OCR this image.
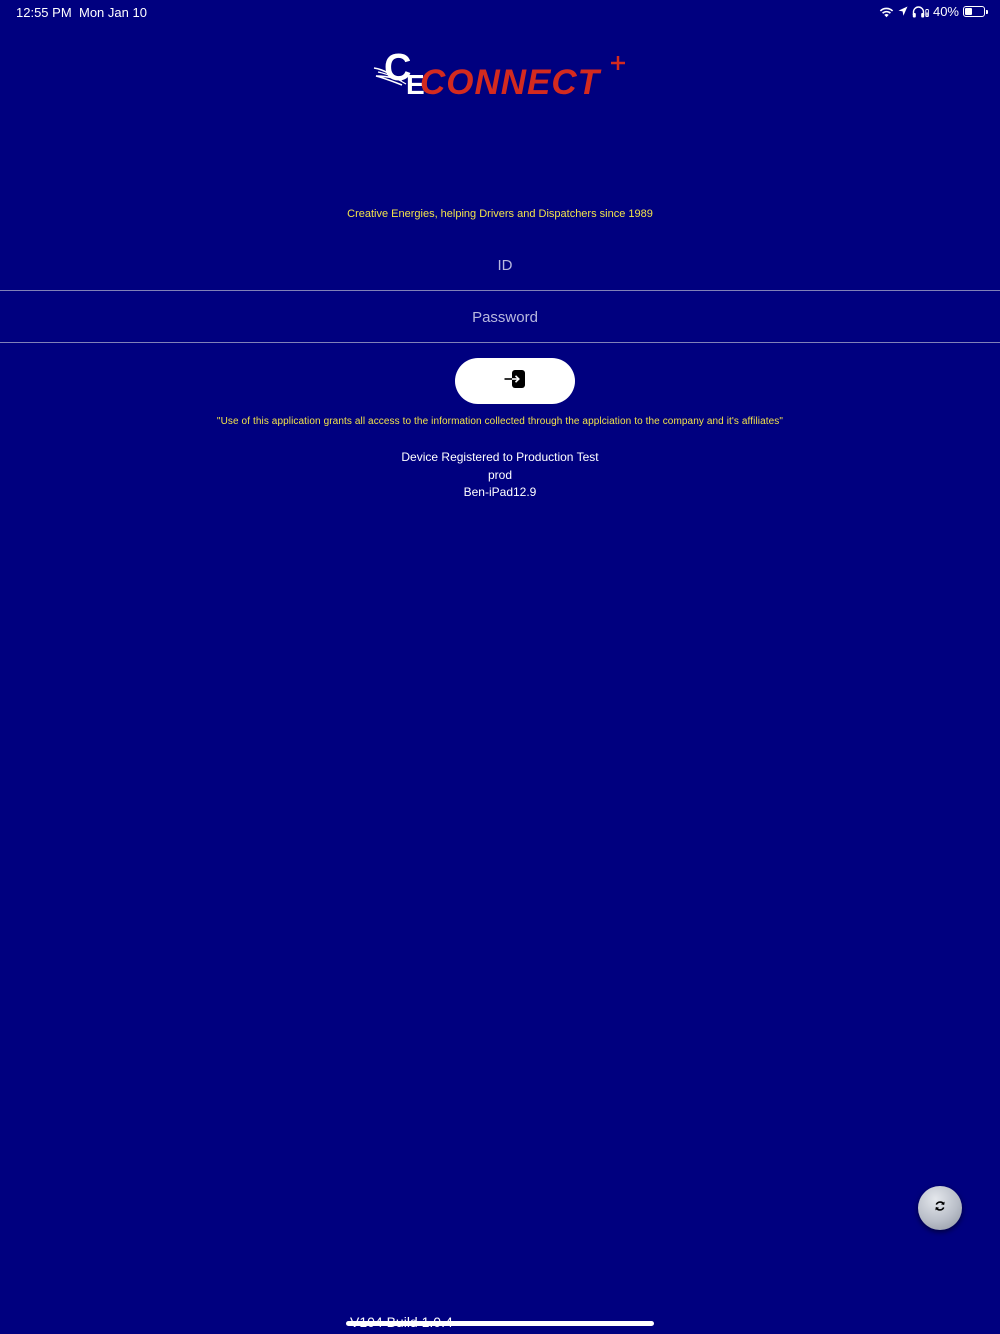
12:55 PM Mon Jan 10	40%
C
E
CONNECT
Creative Energies, helping Drivers and Dispatchers since 1989
ID
"Use of this application grants all access to the information collected through the applciation to the company and it's affiliates"
Device Registered to Production Test
prod
Ben-iPad12.9
